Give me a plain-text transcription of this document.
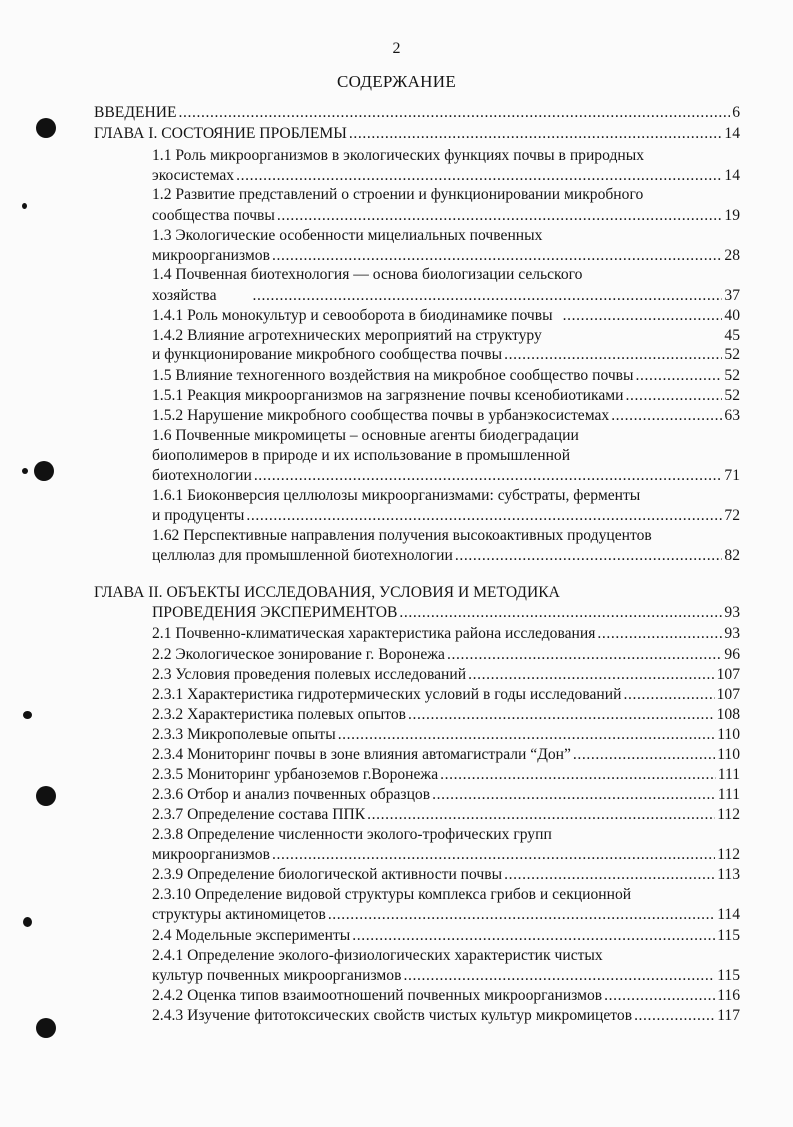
2
СОДЕРЖАНИЕ
ВВЕДЕНИЕ .....	6
ГЛАВА I. СОСТОЯНИЕ ПРОБЛЕМЫ .....	14
1.1 Роль микроорганизмов в экологических функциях почвы в природных
экосистемах .....	14
1.2 Развитие представлений о строении и функционировании микробного
сообщества почвы .....	19
1.3 Экологические особенности мицелиальных почвенных
микроорганизмов .....	28
1.4 Почвенная биотехнология — основа биологизации сельского
хозяйства .....	37
1.4.1 Роль монокультур и севооборота в биодинамике почвы .....	40
1.4.2 Влияние агротехнических мероприятий на структуру	45
и функционирование микробного сообщества почвы .....	52
1.5 Влияние техногенного воздействия на микробное сообщество почвы .....	52
1.5.1 Реакция микроорганизмов на загрязнение почвы ксенобиотиками .....	52
1.5.2 Нарушение микробного сообщества почвы в урбанэкосистемах .....	63
1.6 Почвенные микромицеты – основные агенты биодеградации
биополимеров в природе и их использование в промышленной
биотехнологии .....	71
1.6.1 Биоконверсия целлюлозы микроорганизмами: субстраты, ферменты
и продуценты .....	72
1.62 Перспективные направления получения высокоактивных продуцентов
целлюлаз для промышленной биотехнологии .....	82
ГЛАВА II. ОБЪЕКТЫ ИССЛЕДОВАНИЯ, УСЛОВИЯ И МЕТОДИКА
ПРОВЕДЕНИЯ ЭКСПЕРИМЕНТОВ .....	93
2.1 Почвенно-климатическая характеристика района исследования .....	93
2.2 Экологическое зонирование г. Воронежа .....	96
2.3 Условия проведения полевых исследований .....	107
2.3.1 Характеристика гидротермических условий в годы исследований .....	107
2.3.2 Характеристика полевых опытов .....	108
2.3.3 Микрополевые опыты .....	110
2.3.4 Мониторинг почвы в зоне влияния автомагистрали “Дон” .....	110
2.3.5 Мониторинг урбаноземов г.Воронежа .....	111
2.3.6 Отбор и анализ почвенных образцов .....	111
2.3.7 Определение состава ППК .....	112
2.3.8 Определение численности эколого-трофических групп
микроорганизмов .....	112
2.3.9 Определение биологической активности почвы .....	113
2.3.10 Определение видовой структуры комплекса грибов и секционной
структуры актиномицетов .....	114
2.4 Модельные эксперименты .....	115
2.4.1 Определение эколого-физиологических характеристик чистых
культур почвенных микроорганизмов .....	115
2.4.2 Оценка типов взаимоотношений почвенных микроорганизмов .....	116
2.4.3 Изучение фитотоксических свойств чистых культур микромицетов .....	117
